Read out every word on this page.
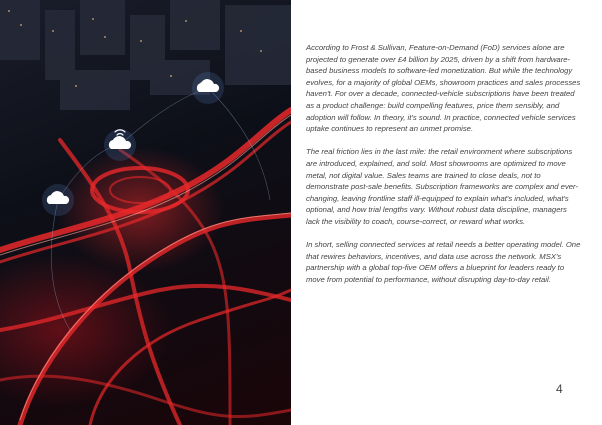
According to Frost & Sullivan, Feature-on-Demand (FoD) services alone are projected to generate over £4 billion by 2025, driven by a shift from hardware-based business models to software-led monetization. But while the technology evolves, for a majority of global OEMs, showroom practices and sales processes haven't. For over a decade, connected-vehicle subscriptions have been treated as a product challenge: build compelling features, price them sensibly, and adoption will follow. In theory, it's sound. In practice, connected vehicle services uptake continues to represent an unmet promise.

The real friction lies in the last mile: the retail environment where subscriptions are introduced, explained, and sold. Most showrooms are optimized to move metal, not digital value. Sales teams are trained to close deals, not to demonstrate post-sale benefits. Subscription frameworks are complex and ever-changing, leaving frontline staff ill-equipped to explain what's included, what's optional, and how trial lengths vary. Without robust data discipline, managers lack the visibility to coach, course-correct, or reward what works.

In short, selling connected services at retail needs a better operating model. One that rewires behaviors, incentives, and data use across the network. MSX's partnership with a global top-five OEM offers a blueprint for leaders ready to move from potential to performance, without disrupting day-to-day retail.

4
